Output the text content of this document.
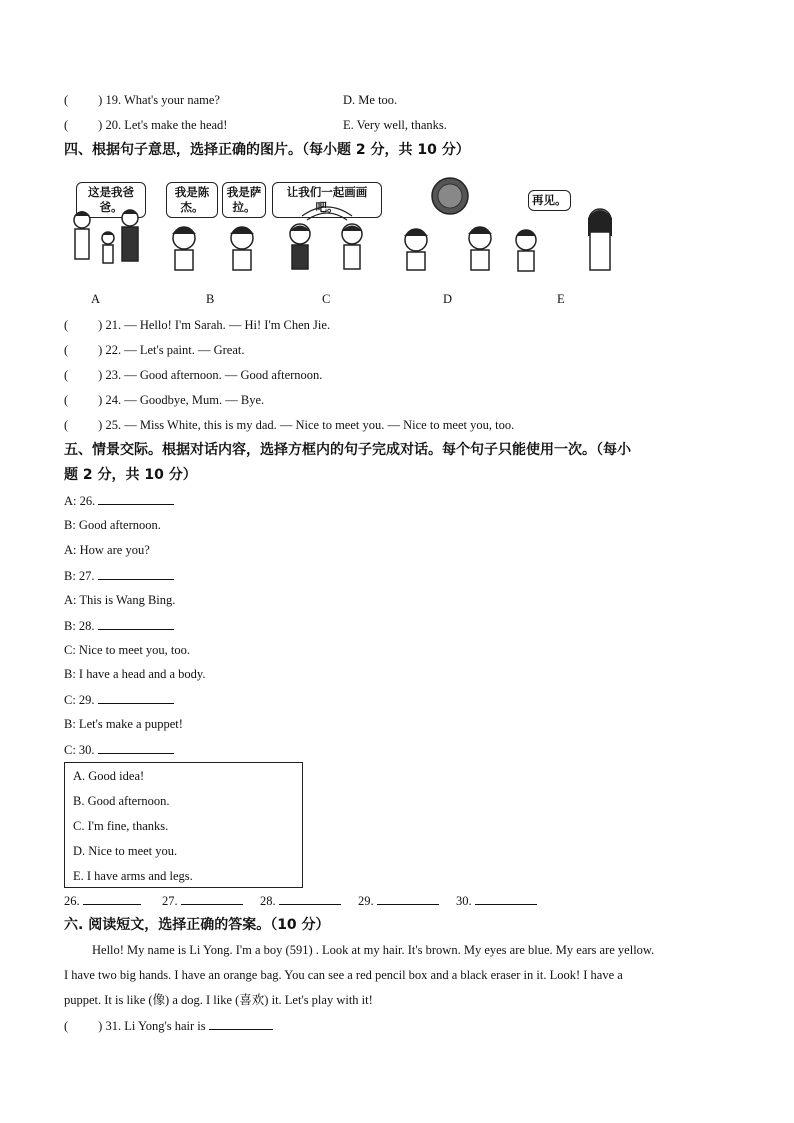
( ) 19. What's your name?	D. Me too.
( ) 20. Let's make the head!	E. Very well, thanks.
四、根据句子意思，选择正确的图片。（每小题 2 分，共 10 分）
这是我爸爸。
我是陈杰。
我是萨拉。
让我们一起画画吧。	再见。
A	B	C	D	E
( ) 21. — Hello! I'm Sarah. — Hi! I'm Chen Jie.
( ) 22. — Let's paint. — Great.
( ) 23. — Good afternoon. — Good afternoon.
( ) 24. — Goodbye, Mum. — Bye.
( ) 25. — Miss White, this is my dad. — Nice to meet you. — Nice to meet you, too.
五、情景交际。根据对话内容，选择方框内的句子完成对话。每个句子只能使用一次。（每小
题 2 分，共 10 分）
A: 26.
B: Good afternoon.
A: How are you?
B: 27.
A: This is Wang Bing.
B: 28.
C: Nice to meet you, too.
B: I have a head and a body.
C: 29.
B: Let's make a puppet!
C: 30.
A. Good idea!
B. Good afternoon.
C. I'm fine, thanks.
D. Nice to meet you.
E. I have arms and legs.
26.	27.	28.	29.	30.
六. 阅读短文，选择正确的答案。（10 分）
Hello! My name is Li Yong. I'm a boy (591) . Look at my hair. It's brown. My eyes are blue. My ears are yellow.
I have two big hands. I have an orange bag. You can see a red pencil box and a black eraser in it. Look! I have a
puppet. It is like (像) a dog. I like (喜欢) it. Let's play with it!
( ) 31. Li Yong's hair is
